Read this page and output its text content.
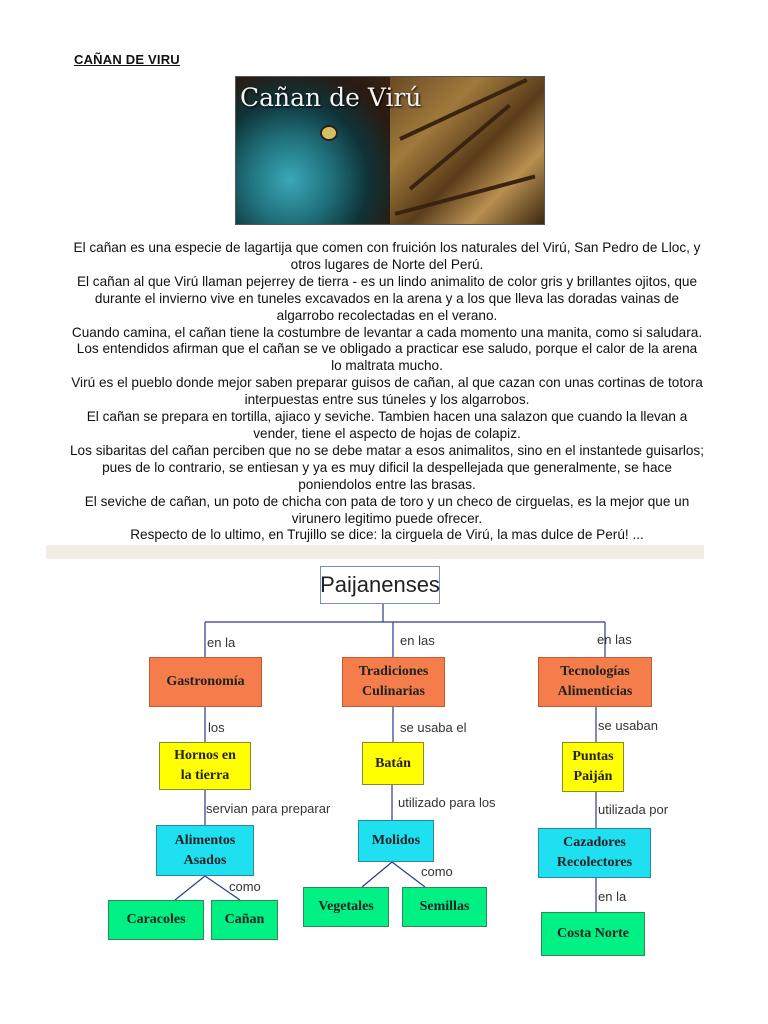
CAÑAN DE VIRU
Cañan de Virú

El cañan es una especie de lagartija que comen con fruición los naturales del Virú, San Pedro de Lloc, y otros lugares de Norte del Perú.

El cañan al que Virú llaman pejerrey de tierra - es un lindo animalito de color gris y brillantes ojitos, que durante el invierno vive en tuneles excavados en la arena y a los que lleva las doradas vainas de algarrobo recolectadas en el verano.

Cuando camina, el cañan tiene la costumbre de levantar a cada momento una manita, como si saludara. Los entendidos afirman que el cañan se ve obligado a practicar ese saludo, porque el calor de la arena lo maltrata mucho.

Virú es el pueblo donde mejor saben preparar guisos de cañan, al que cazan con unas cortinas de totora interpuestas entre sus túneles y los algarrobos.

El cañan se prepara en tortilla, ajiaco y seviche. Tambien hacen una salazon que cuando la llevan a vender, tiene el aspecto de hojas de colapiz.

Los sibaritas del cañan perciben que no se debe matar a esos animalitos, sino en el instantede guisarlos; pues de lo contrario, se entiesan y ya es muy dificil la despellejada que generalmente, se hace poniendolos entre las brasas.

El seviche de cañan, un poto de chicha con pata de toro y un checo de cirguelas, es la mejor que un virunero legitimo puede ofrecer.

Respecto de lo ultimo, en Trujillo se dice: la cirguela de Virú, la mas dulce de Perú! ...

Paijanenses
en la	en las	en las
Gastronomía
Tradiciones
Culinarias
Tecnologías
Alimenticias
los	se usaba el	se usaban
Hornos en
la tierra
Batán	Puntas
Paiján
servian para preparar	utilizado para los	utilizada por
Alimentos
Asados
Molidos	Cazadores
Recolectores
como
como
en la
Caracoles	Cañan
Vegetales	Semillas
Costa Norte
